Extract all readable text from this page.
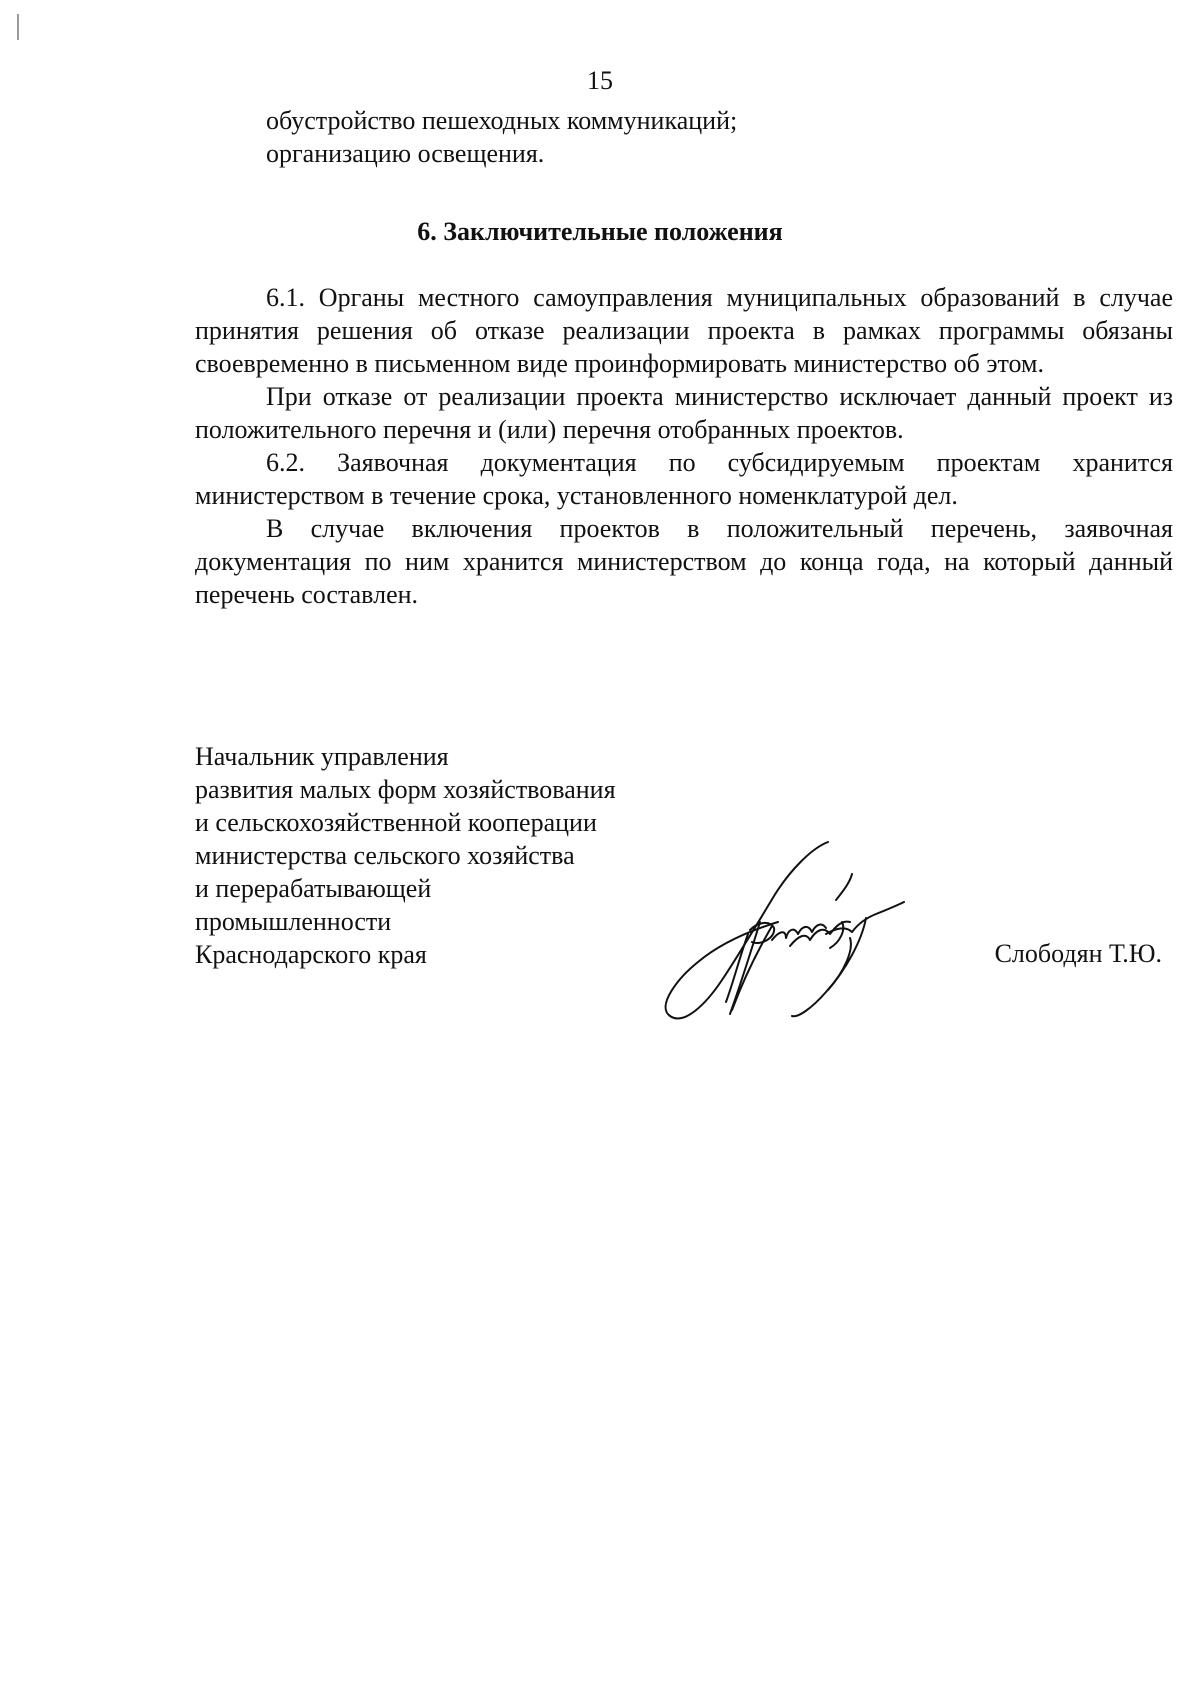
15
обустройство пешеходных коммуникаций;
организацию освещения.
6. Заключительные положения

6.1. Органы местного самоуправления муниципальных образований в случае принятия решения об отказе реализации проекта в рамках программы обязаны своевременно в письменном виде проинформировать министерство об этом.

При отказе от реализации проекта министерство исключает данный проект из положительного перечня и (или) перечня отобранных проектов.

6.2. Заявочная документация по субсидируемым проектам хранится министерством в течение срока, установленного номенклатурой дел.

В случае включения проектов в положительный перечень, заявочная документация по ним хранится министерством до конца года, на который данный перечень составлен.

Начальник управления
развития малых форм хозяйствования
и сельскохозяйственной кооперации
министерства сельского хозяйства
и перерабатывающей
промышленности
Краснодарского края	Слободян Т.Ю.
